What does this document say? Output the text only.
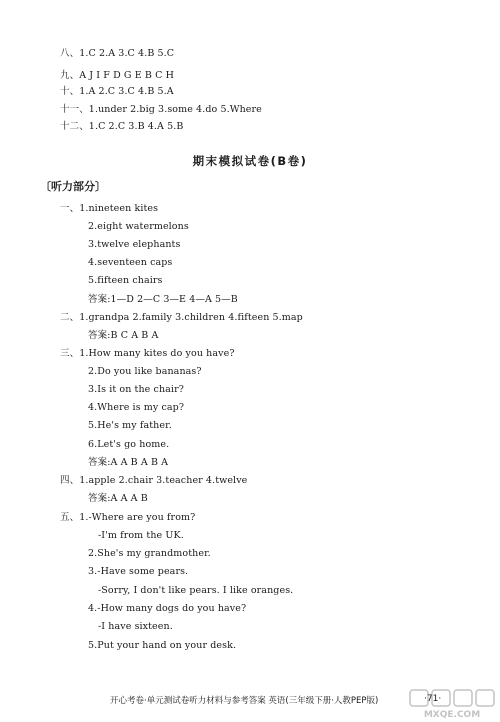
八、1.C 2.A 3.C 4.B 5.C
九、A J I F D G E B C H
十、1.A 2.C 3.C 4.B 5.A
十一、1.under 2.big 3.some 4.do 5.Where
十二、1.C 2.C 3.B 4.A 5.B
期末模拟试卷(B卷)
〔听力部分〕
一、1.nineteen kites
2.eight watermelons
3.twelve elephants
4.seventeen caps
5.fifteen chairs
答案:1—D 2—C 3—E 4—A 5—B
二、1.grandpa 2.family 3.children 4.fifteen 5.map
答案:B C A B A
三、1.How many kites do you have?
2.Do you like bananas?
3.Is it on the chair?
4.Where is my cap?
5.He's my father.
6.Let's go home.
答案:A A B A B A
四、1.apple 2.chair 3.teacher 4.twelve
答案:A A A B
五、1.-Where are you from?
-I'm from the UK.
2.She's my grandmother.
3.-Have some pears.
-Sorry, I don't like pears. I like oranges.
4.-How many dogs do you have?
-I have sixteen.
5.Put your hand on your desk.
开心考卷·单元测试卷听力材料与参考答案 英语(三年级下册·人教PEP版)	·71·
MXQE.COM
